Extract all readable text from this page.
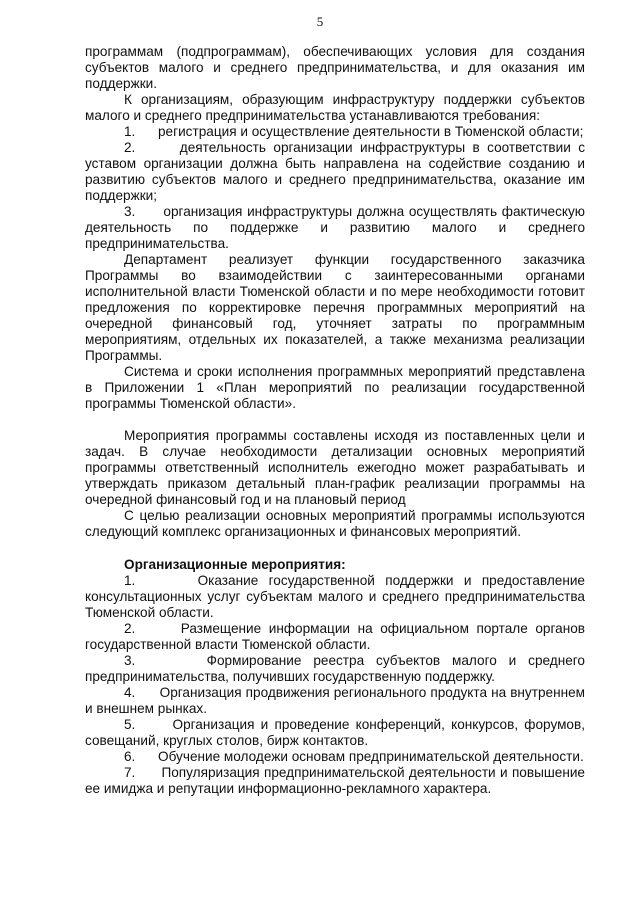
5

программам (подпрограммам), обеспечивающих условия для создания субъектов малого и среднего предпринимательства, и для оказания им поддержки.

К организациям, образующим инфраструктуру поддержки субъектов малого и среднего предпринимательства устанавливаются требования:

1.      регистрация и осуществление деятельности в Тюменской области;

2.      деятельность организации инфраструктуры в соответствии с уставом организации должна быть направлена на содействие созданию и развитию субъектов малого и среднего предпринимательства, оказание им поддержки;

3.      организация инфраструктуры должна осуществлять фактическую деятельность по поддержке и развитию малого и среднего предпринимательства.

Департамент реализует функции государственного заказчика Программы во взаимодействии с заинтересованными органами исполнительной власти Тюменской области и по мере необходимости готовит предложения по корректировке перечня программных мероприятий на очередной финансовый год, уточняет затраты по программным мероприятиям, отдельных их показателей, а также механизма реализации Программы.

Система и сроки исполнения программных мероприятий представлена в Приложении 1 «План мероприятий по реализации государственной программы Тюменской области».

Мероприятия программы составлены исходя из поставленных цели и задач. В случае необходимости детализации основных мероприятий программы ответственный исполнитель ежегодно может разрабатывать и утверждать приказом детальный план-график реализации программы на очередной финансовый год и на плановый период

С целью реализации основных мероприятий программы используются следующий комплекс организационных и финансовых мероприятий.

Организационные мероприятия:

1.      Оказание государственной поддержки и предоставление консультационных услуг субъектам малого и среднего предпринимательства Тюменской области.

2.      Размещение информации на официальном портале органов государственной власти Тюменской области.

3.      Формирование реестра субъектов малого и среднего предпринимательства, получивших государственную поддержку.

4.      Организация продвижения регионального продукта на внутреннем и внешнем рынках.

5.      Организация и проведение конференций, конкурсов, форумов, совещаний, круглых столов, бирж контактов.

6.      Обучение молодежи основам предпринимательской деятельности.

7.      Популяризация предпринимательской деятельности и повышение ее имиджа и репутации информационно-рекламного характера.
